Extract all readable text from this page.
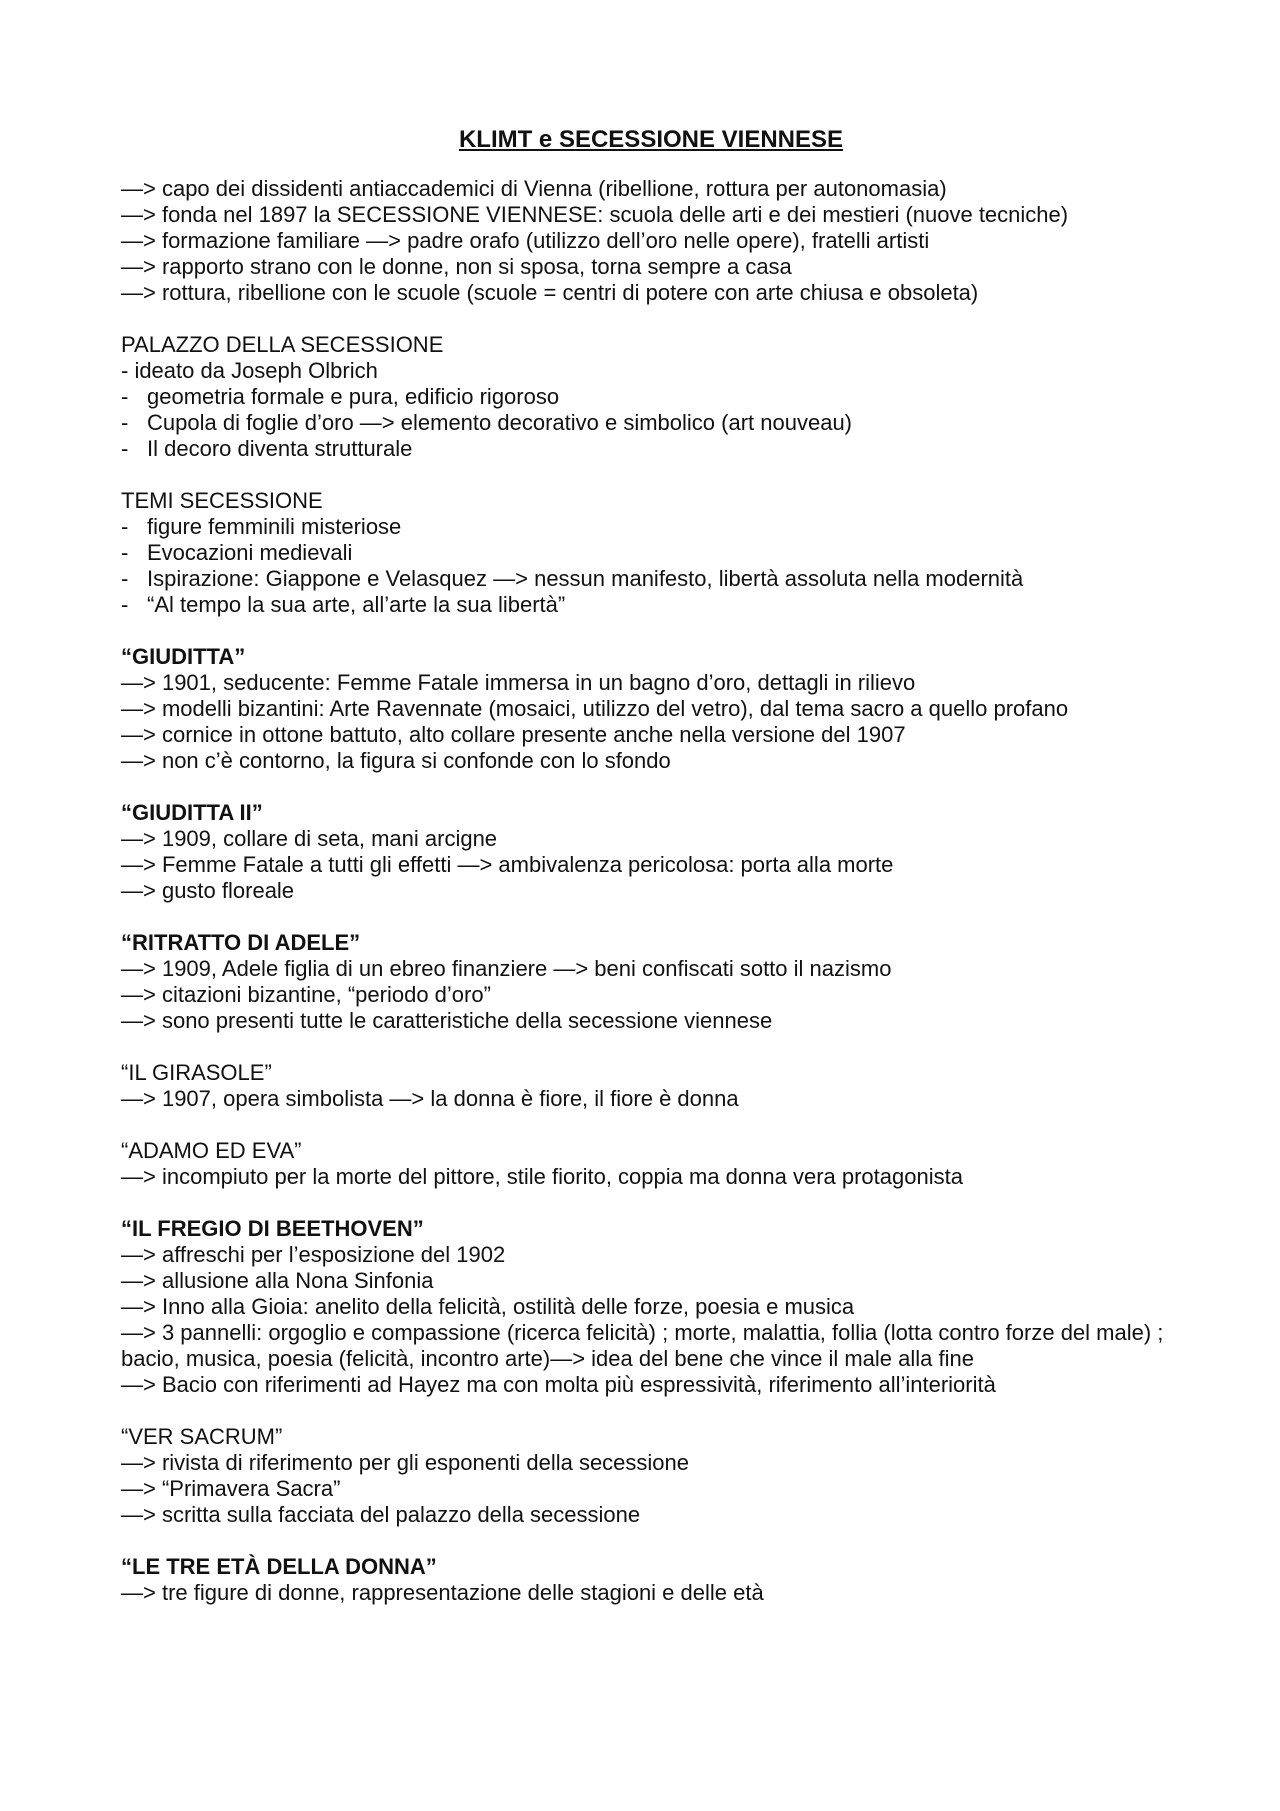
KLIMT e SECESSIONE VIENNESE
—> capo dei dissidenti antiaccademici di Vienna (ribellione, rottura per autonomasia)
—> fonda nel 1897 la SECESSIONE VIENNESE: scuola delle arti e dei mestieri (nuove tecniche)
—> formazione familiare —> padre orafo (utilizzo dell’oro nelle opere), fratelli artisti
—> rapporto strano con le donne, non si sposa, torna sempre a casa
—> rottura, ribellione con le scuole (scuole = centri di potere con arte chiusa e obsoleta)
PALAZZO DELLA SECESSIONE
- ideato da Joseph Olbrich
- geometria formale e pura, edificio rigoroso
- Cupola di foglie d’oro —> elemento decorativo e simbolico (art nouveau)
- Il decoro diventa strutturale
TEMI SECESSIONE
- figure femminili misteriose
- Evocazioni medievali
- Ispirazione: Giappone e Velasquez —> nessun manifesto, libertà assoluta nella modernità
- “Al tempo la sua arte, all’arte la sua libertà”
“GIUDITTA”
—> 1901, seducente: Femme Fatale immersa in un bagno d’oro, dettagli in rilievo
—> modelli bizantini: Arte Ravennate (mosaici, utilizzo del vetro), dal tema sacro a quello profano
—> cornice in ottone battuto, alto collare presente anche nella versione del 1907
—> non c’è contorno, la figura si confonde con lo sfondo
“GIUDITTA II”
—> 1909, collare di seta, mani arcigne
—> Femme Fatale a tutti gli effetti —> ambivalenza pericolosa: porta alla morte
—> gusto floreale
“RITRATTO DI ADELE”
—> 1909, Adele figlia di un ebreo finanziere —> beni confiscati sotto il nazismo
—> citazioni bizantine, “periodo d’oro”
—> sono presenti tutte le caratteristiche della secessione viennese
“IL GIRASOLE”
—> 1907, opera simbolista —> la donna è fiore, il fiore è donna
“ADAMO ED EVA”
—> incompiuto per la morte del pittore, stile fiorito, coppia ma donna vera protagonista
“IL FREGIO DI BEETHOVEN”
—> affreschi per l’esposizione del 1902
—> allusione alla Nona Sinfonia
—> Inno alla Gioia: anelito della felicità, ostilità delle forze, poesia e musica
—> 3 pannelli: orgoglio e compassione (ricerca felicità) ; morte, malattia, follia (lotta contro forze del male) ; bacio, musica, poesia (felicità, incontro arte)—> idea del bene che vince il male alla fine
—> Bacio con riferimenti ad Hayez ma con molta più espressività, riferimento all’interiorità
“VER SACRUM”
—> rivista di riferimento per gli esponenti della secessione
—> “Primavera Sacra”
—> scritta sulla facciata del palazzo della secessione
“LE TRE ETÀ DELLA DONNA”
—> tre figure di donne, rappresentazione delle stagioni e delle età
